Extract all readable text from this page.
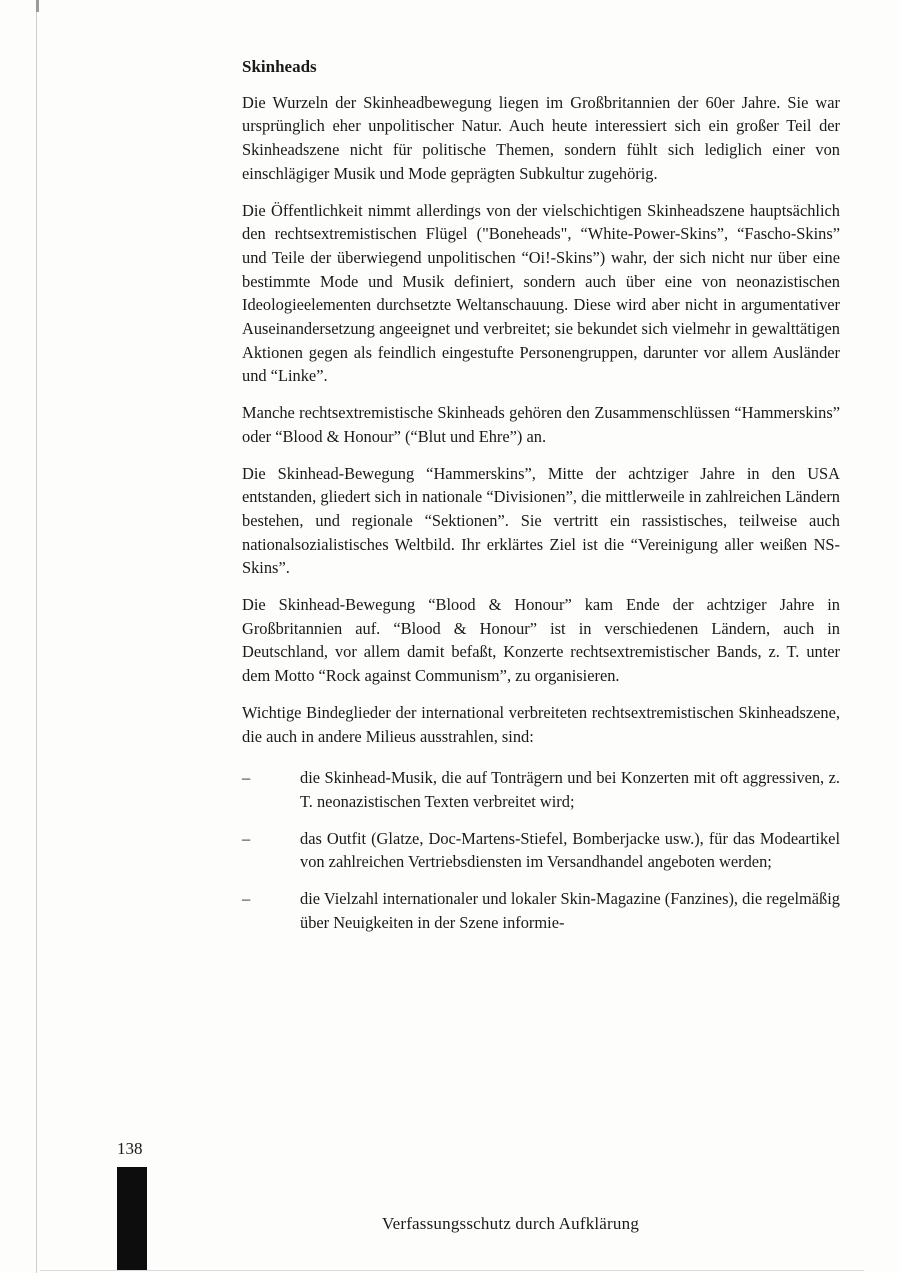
Skinheads

Die Wurzeln der Skinheadbewegung liegen im Großbritannien der 60er Jahre. Sie war ursprünglich eher unpolitischer Natur. Auch heute interessiert sich ein großer Teil der Skinheadszene nicht für politische Themen, sondern fühlt sich lediglich einer von einschlägiger Musik und Mode geprägten Subkultur zugehörig.

Die Öffentlichkeit nimmt allerdings von der vielschichtigen Skinheadszene hauptsächlich den rechtsextremistischen Flügel ("Boneheads", “White-Power-Skins”, “Fascho-Skins” und Teile der überwiegend unpolitischen “Oi!-Skins”) wahr, der sich nicht nur über eine bestimmte Mode und Musik definiert, sondern auch über eine von neonazistischen Ideologieelementen durchsetzte Weltanschauung. Diese wird aber nicht in argumentativer Auseinandersetzung angeeignet und verbreitet; sie bekundet sich vielmehr in gewalttätigen Aktionen gegen als feindlich eingestufte Personengruppen, darunter vor allem Ausländer und “Linke”.

Manche rechtsextremistische Skinheads gehören den Zusammenschlüssen “Hammerskins” oder “Blood & Honour” (“Blut und Ehre”) an.

Die Skinhead-Bewegung “Hammerskins”, Mitte der achtziger Jahre in den USA entstanden, gliedert sich in nationale “Divisionen”, die mittlerweile in zahlreichen Ländern bestehen, und regionale “Sektionen”. Sie vertritt ein rassistisches, teilweise auch nationalsozialistisches Weltbild. Ihr erklärtes Ziel ist die “Vereinigung aller weißen NS-Skins”.

Die Skinhead-Bewegung “Blood & Honour” kam Ende der achtziger Jahre in Großbritannien auf. “Blood & Honour” ist in verschiedenen Ländern, auch in Deutschland, vor allem damit befaßt, Konzerte rechtsextremistischer Bands, z. T. unter dem Motto “Rock against Communism”, zu organisieren.

Wichtige Bindeglieder der international verbreiteten rechtsextremistischen Skinheadszene, die auch in andere Milieus ausstrahlen, sind:

–	die Skinhead-Musik, die auf Tonträgern und bei Konzerten mit oft aggressiven, z. T. neonazistischen Texten verbreitet wird;
–	das Outfit (Glatze, Doc-Martens-Stiefel, Bomberjacke usw.), für das Modeartikel von zahlreichen Vertriebsdiensten im Versandhandel angeboten werden;
–	die Vielzahl internationaler und lokaler Skin-Magazine (Fanzines), die regelmäßig über Neuigkeiten in der Szene informie-
138
Verfassungsschutz durch Aufklärung
